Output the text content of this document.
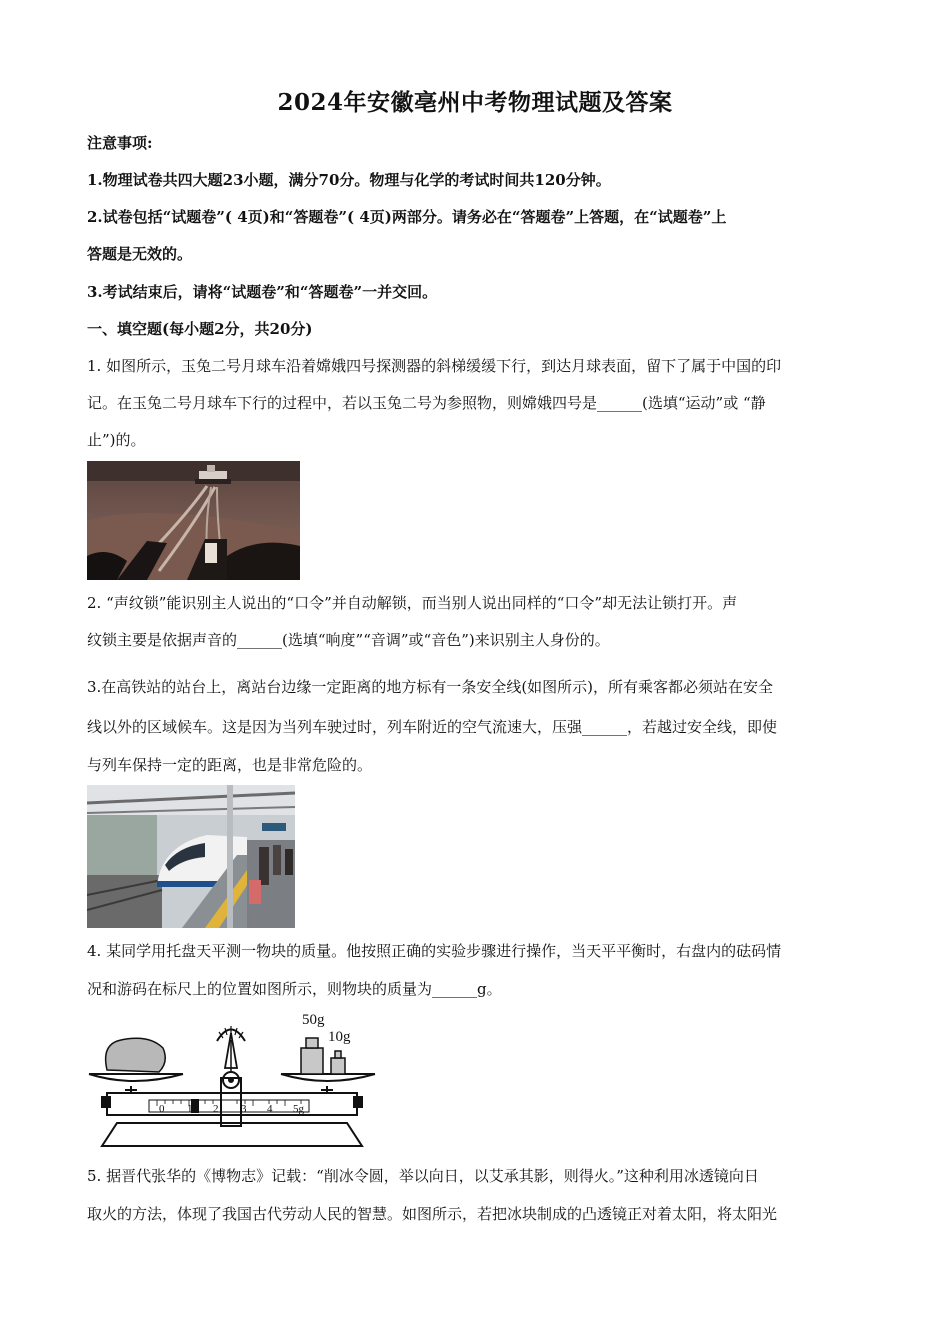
2024年安徽亳州中考物理试题及答案
注意事项:
1.物理试卷共四大题23小题，满分70分。物理与化学的考试时间共120分钟。
2.试卷包括“试题卷”( 4页)和“答题卷”( 4页)两部分。请务必在“答题卷”上答题，在“试题卷”上
答题是无效的。
3.考试结束后，请将“试题卷”和“答题卷”一并交回。
一、填空题(每小题2分，共20分)
1. 如图所示，玉兔二号月球车沿着嫦娥四号探测器的斜梯缓缓下行，到达月球表面，留下了属于中国的印
记。在玉兔二号月球车下行的过程中，若以玉兔二号为参照物，则嫦娥四号是______(选填“运动”或 “静
止”)的。
2. “声纹锁”能识别主人说出的“口令”并自动解锁，而当别人说出同样的“口令”却无法让锁打开。声
纹锁主要是依据声音的______(选填“响度”“音调”或“音色”)来识别主人身份的。
3.在高铁站的站台上，离站台边缘一定距离的地方标有一条安全线(如图所示)，所有乘客都必须站在安全
线以外的区域候车。这是因为当列车驶过时，列车附近的空气流速大，压强______，若越过安全线，即使
与列车保持一定的距离，也是非常危险的。
4. 某同学用托盘天平测一物块的质量。他按照正确的实验步骤进行操作，当天平平衡时，右盘内的砝码情
况和游码在标尺上的位置如图所示，则物块的质量为______g。
0 1 2 3 4 5g
50g
10g
5. 据晋代张华的《博物志》记载：“削冰令圆，举以向日，以艾承其影，则得火。”这种利用冰透镜向日
取火的方法，体现了我国古代劳动人民的智慧。如图所示，若把冰块制成的凸透镜正对着太阳，将太阳光
